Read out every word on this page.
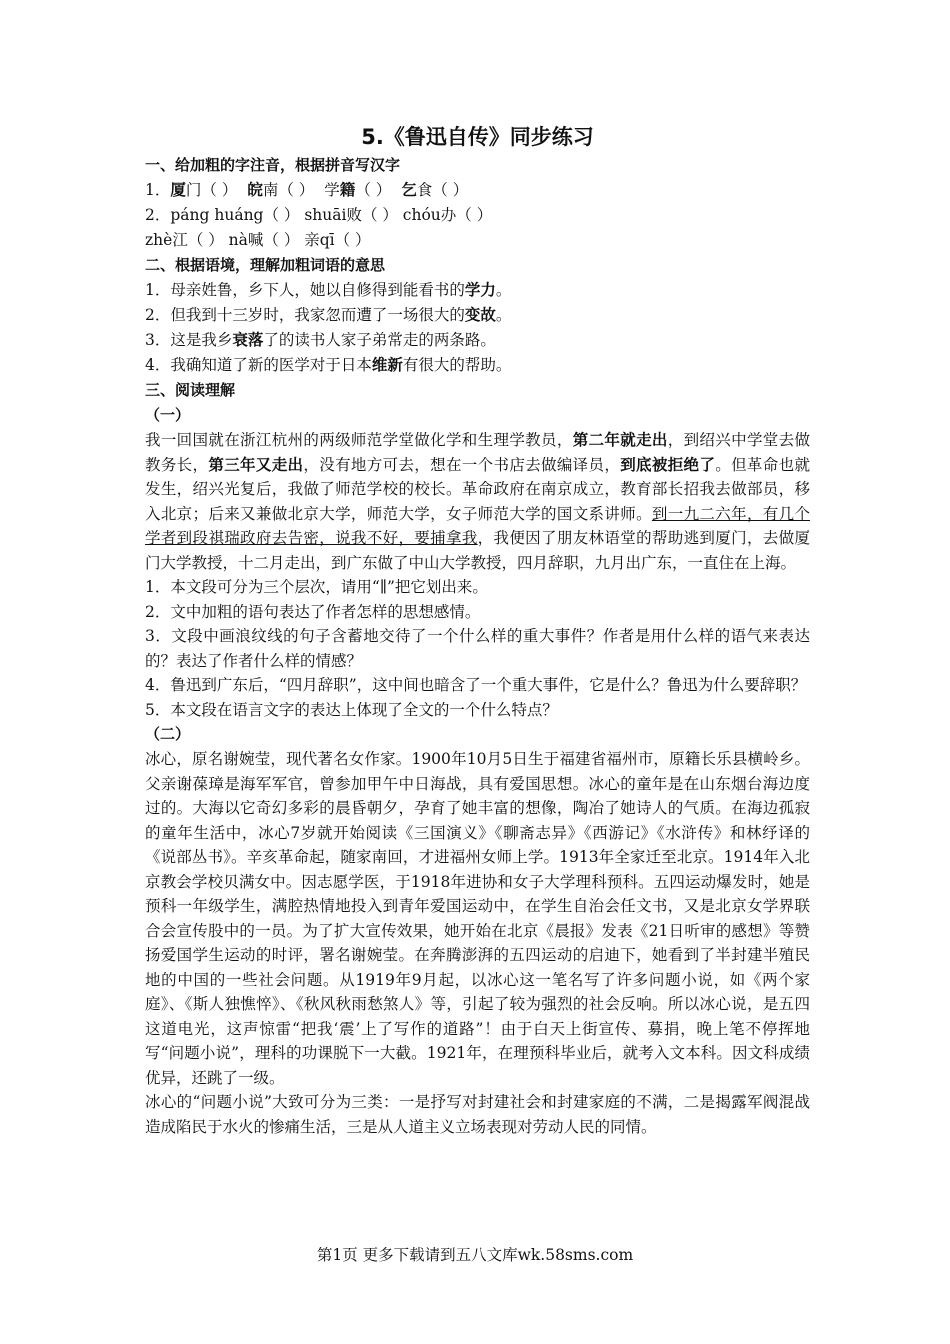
5.《鲁迅自传》同步练习
一、给加粗的字注音，根据拼音写汉字
1．厦门（ ） 皖南（ ） 学籍（ ） 乞食（ ）
2．páng huáng（ ） shuāi败（ ） chóu办（ ）
zhè江（ ） nà喊（ ） 亲qī（ ）
二、根据语境，理解加粗词语的意思
1．母亲姓鲁，乡下人，她以自修得到能看书的学力。
2．但我到十三岁时，我家忽而遭了一场很大的变故。
3．这是我乡衰落了的读书人家子弟常走的两条路。
4．我确知道了新的医学对于日本维新有很大的帮助。
三、阅读理解
（一）
我一回国就在浙江杭州的两级师范学堂做化学和生理学教员，第二年就走出，到绍兴中学堂去做教务长，第三年又走出，没有地方可去，想在一个书店去做编译员，到底被拒绝了。但革命也就发生，绍兴光复后，我做了师范学校的校长。革命政府在南京成立，教育部长招我去做部员，移入北京；后来又兼做北京大学，师范大学，女子师范大学的国文系讲师。到一九二六年，有几个学者到段祺瑞政府去告密，说我不好，要捕拿我，我便因了朋友林语堂的帮助逃到厦门，去做厦门大学教授，十二月走出，到广东做了中山大学教授，四月辞职，九月出广东，一直住在上海。
1．本文段可分为三个层次，请用“∥”把它划出来。
2．文中加粗的语句表达了作者怎样的思想感情。
3．文段中画浪纹线的句子含蓄地交待了一个什么样的重大事件？作者是用什么样的语气来表达的？表达了作者什么样的情感？
4．鲁迅到广东后，“四月辞职”，这中间也暗含了一个重大事件，它是什么？鲁迅为什么要辞职？
5．本文段在语言文字的表达上体现了全文的一个什么特点？
（二）
冰心，原名谢婉莹，现代著名女作家。1900年10月5日生于福建省福州市，原籍长乐县横岭乡。父亲谢葆璋是海军军官，曾参加甲午中日海战，具有爱国思想。冰心的童年是在山东烟台海边度过的。大海以它奇幻多彩的晨昏朝夕，孕育了她丰富的想像，陶冶了她诗人的气质。在海边孤寂的童年生活中，冰心7岁就开始阅读《三国演义》《聊斋志异》《西游记》《水浒传》和林纾译的《说部丛书》。辛亥革命起，随家南回，才进福州女师上学。1913年全家迁至北京。1914年入北京教会学校贝满女中。因志愿学医，于1918年进协和女子大学理科预科。五四运动爆发时，她是预科一年级学生，满腔热情地投入到青年爱国运动中，在学生自治会任文书，又是北京女学界联合会宣传股中的一员。为了扩大宣传效果，她开始在北京《晨报》发表《21日听审的感想》等赞扬爱国学生运动的时评，署名谢婉莹。在奔腾澎湃的五四运动的启迪下，她看到了半封建半殖民地的中国的一些社会问题。从1919年9月起，以冰心这一笔名写了许多问题小说，如《两个家庭》、《斯人独憔悴》、《秋风秋雨愁煞人》等，引起了较为强烈的社会反响。所以冰心说，是五四这道电光，这声惊雷“把我‘震’上了写作的道路”！由于白天上街宣传、募捐，晚上笔不停挥地写“问题小说”，理科的功课脱下一大截。1921年，在理预科毕业后，就考入文本科。因文科成绩优异，还跳了一级。
冰心的“问题小说”大致可分为三类：一是抒写对封建社会和封建家庭的不满，二是揭露军阀混战造成陷民于水火的惨痛生活，三是从人道主义立场表现对劳动人民的同情。
第1页 更多下载请到五八文库wk.58sms.com
